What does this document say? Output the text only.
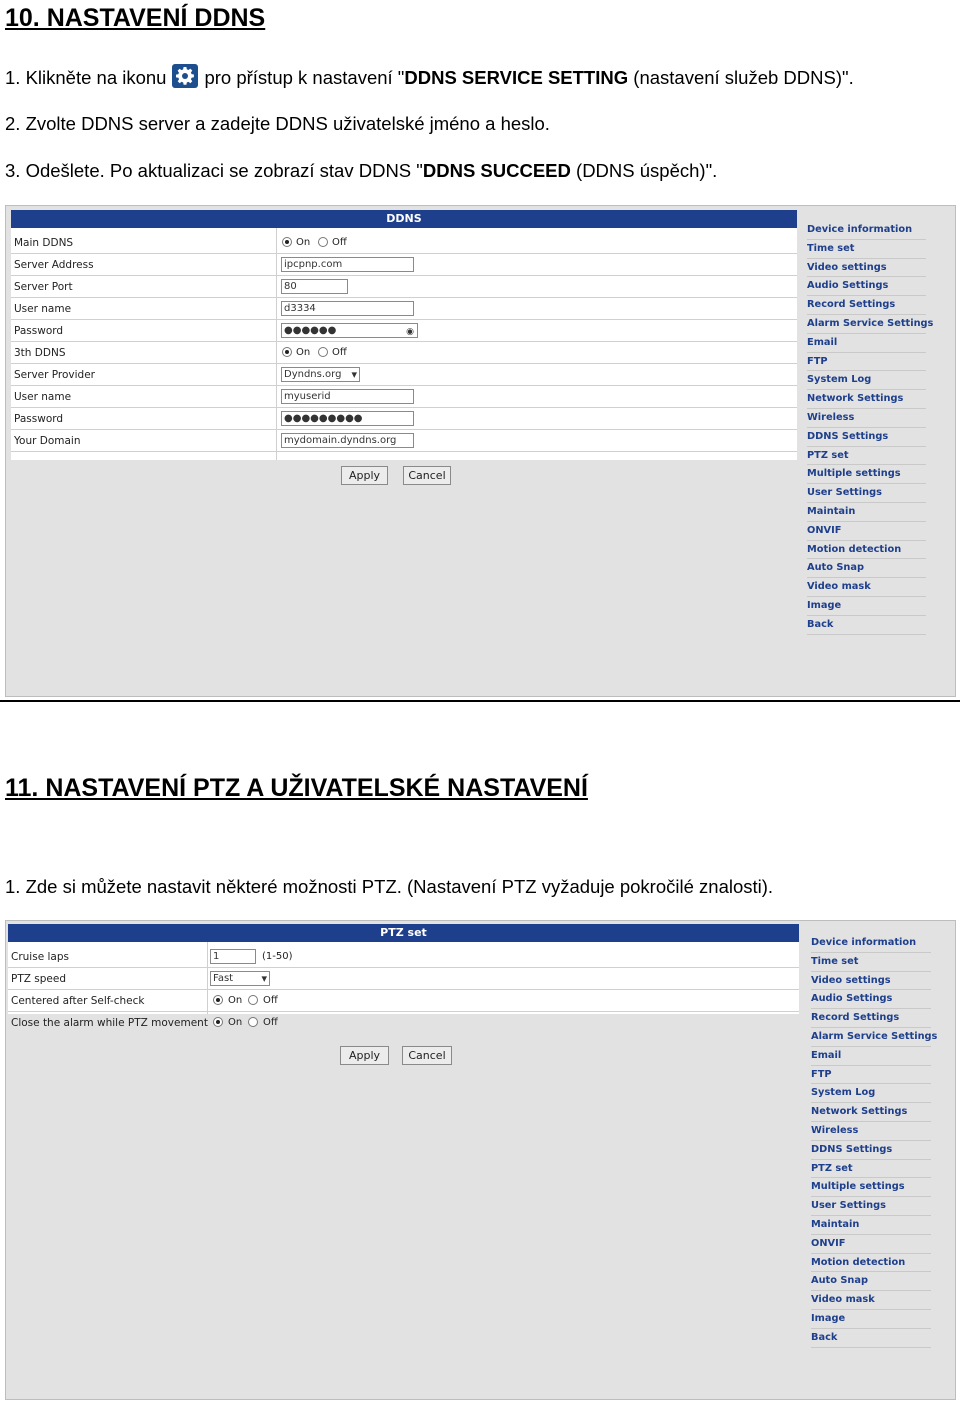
10. NASTAVENÍ DDNS
1. Klikněte na ikonu pro přístup k nastavení "DDNS SERVICE SETTING (nastavení služeb DDNS)".
2. Zvolte DDNS server a zadejte DDNS uživatelské jméno a heslo.
3. Odešlete. Po aktualizaci se zobrazí stav DDNS "DDNS SUCCEED (DDNS úspěch)".
DDNS
Main DDNS	On Off
Server Address	ipcpnp.com
Server Port	80
User name	d3334
Password	●●●●●●	◉
3th DDNS	On Off
Server Provider	Dyndns.org ▾
User name	myuserid
Password	●●●●●●●●●
Your Domain	mydomain.dyndns.org
Apply	Cancel
Device information
Time set
Video settings
Audio Settings
Record Settings
Alarm Service Settings
Email
FTP
System Log
Network Settings
Wireless
DDNS Settings
PTZ set
Multiple settings
User Settings
Maintain
ONVIF
Motion detection
Auto Snap
Video mask
Image
Back
11. NASTAVENÍ PTZ A UŽIVATELSKÉ NASTAVENÍ
1. Zde si můžete nastavit některé možnosti PTZ. (Nastavení PTZ vyžaduje pokročilé znalosti).
PTZ set
Cruise laps	1	(1-50)
PTZ speed	Fast ▾
Centered after Self-check	On Off
Close the alarm while PTZ movement On Off
Apply	Cancel
Device information
Time set
Video settings
Audio Settings
Record Settings
Alarm Service Settings
Email
FTP
System Log
Network Settings
Wireless
DDNS Settings
PTZ set
Multiple settings
User Settings
Maintain
ONVIF
Motion detection
Auto Snap
Video mask
Image
Back
